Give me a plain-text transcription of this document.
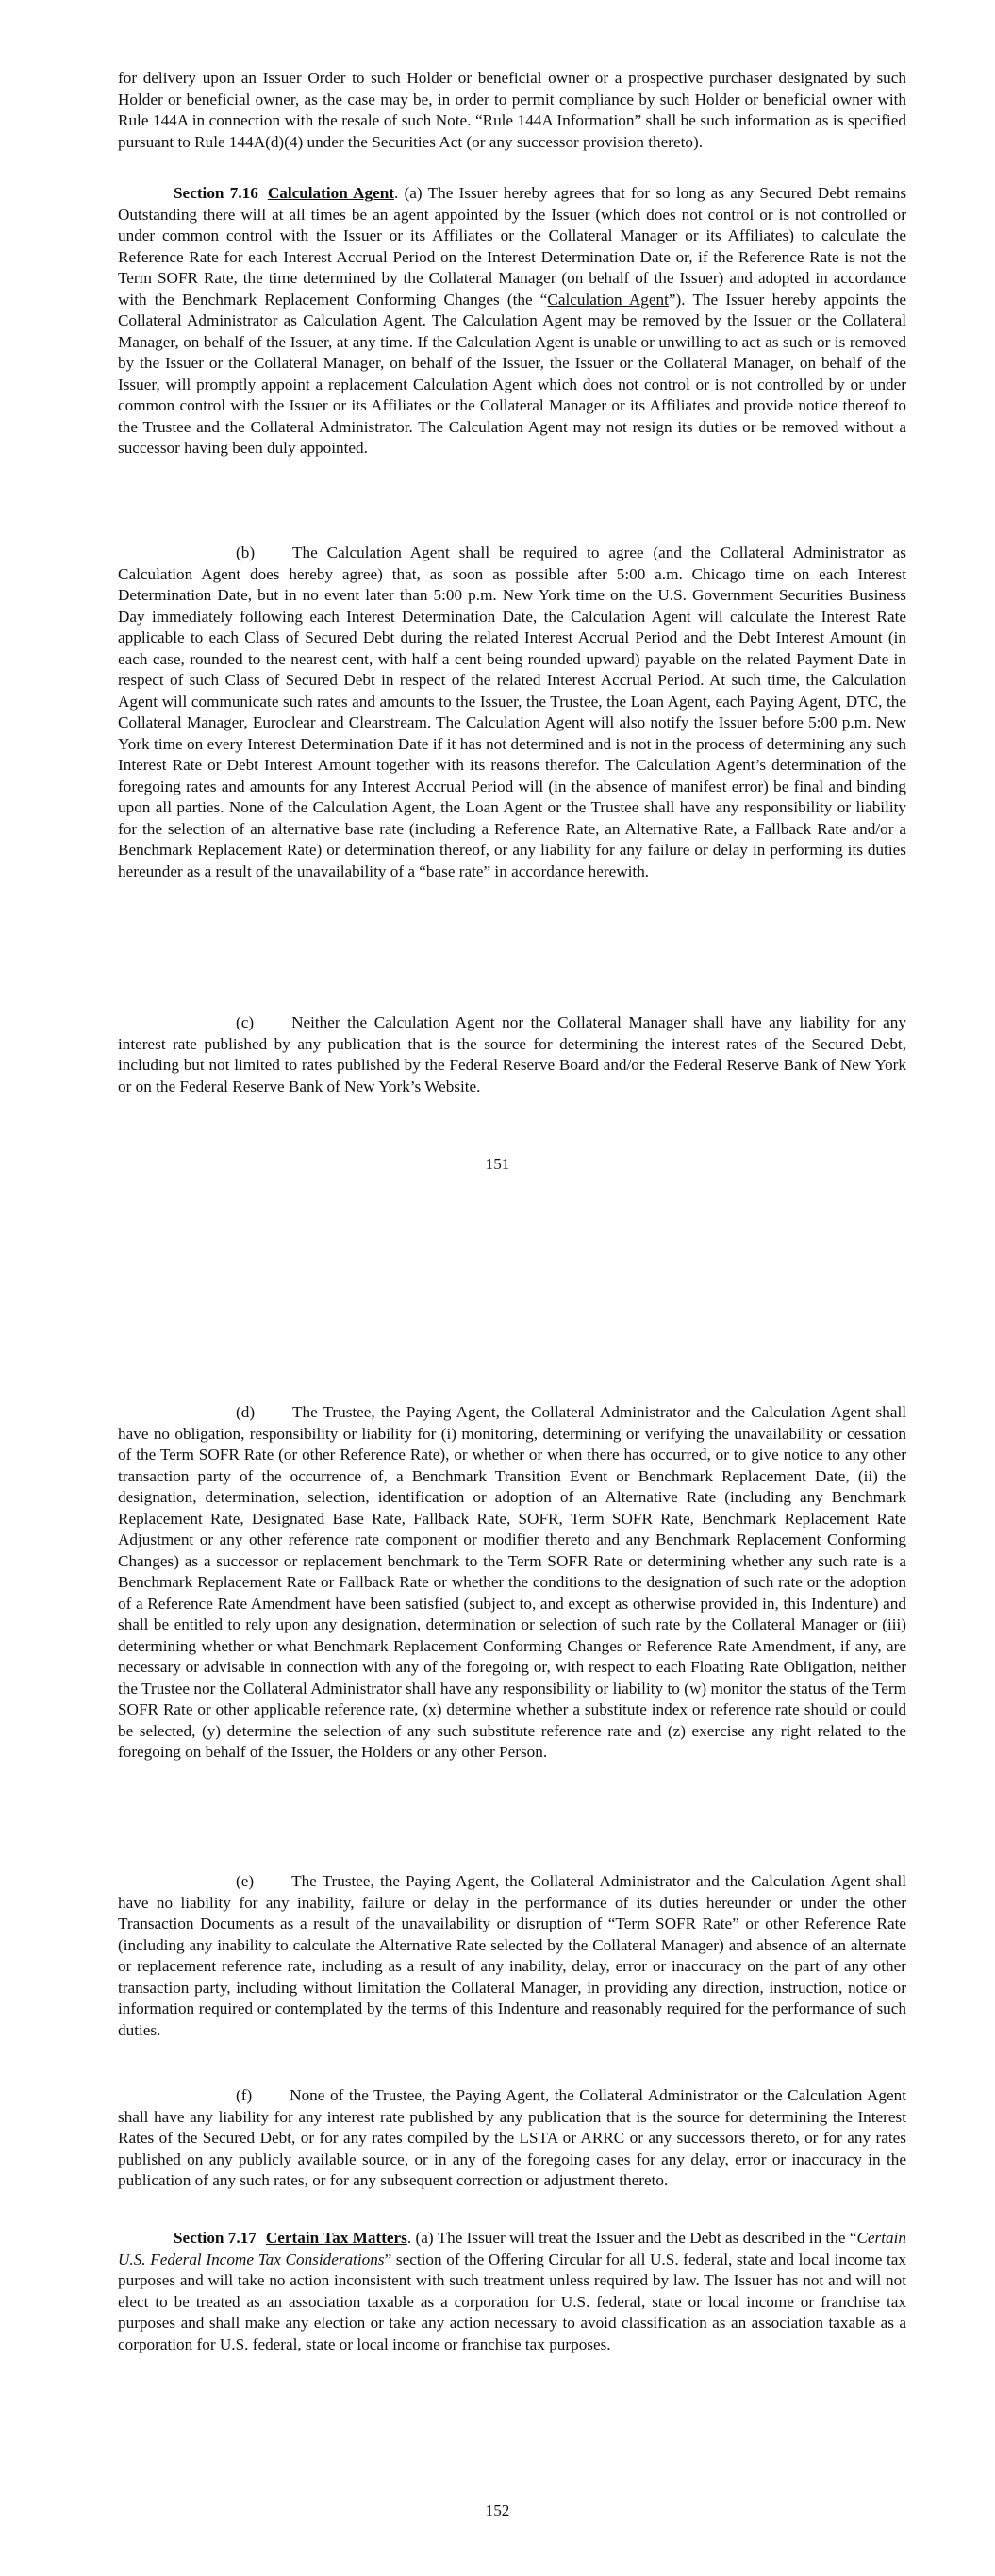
for delivery upon an Issuer Order to such Holder or beneficial owner or a prospective purchaser designated by such Holder or beneficial owner, as the case may be, in order to permit compliance by such Holder or beneficial owner with Rule 144A in connection with the resale of such Note. “Rule 144A Information” shall be such information as is specified pursuant to Rule 144A(d)(4) under the Securities Act (or any successor provision thereto).

Section 7.16 Calculation Agent. (a) The Issuer hereby agrees that for so long as any Secured Debt remains Outstanding there will at all times be an agent appointed by the Issuer (which does not control or is not controlled or under common control with the Issuer or its Affiliates or the Collateral Manager or its Affiliates) to calculate the Reference Rate for each Interest Accrual Period on the Interest Determination Date or, if the Reference Rate is not the Term SOFR Rate, the time determined by the Collateral Manager (on behalf of the Issuer) and adopted in accordance with the Benchmark Replacement Conforming Changes (the “Calculation Agent”). The Issuer hereby appoints the Collateral Administrator as Calculation Agent. The Calculation Agent may be removed by the Issuer or the Collateral Manager, on behalf of the Issuer, at any time. If the Calculation Agent is unable or unwilling to act as such or is removed by the Issuer or the Collateral Manager, on behalf of the Issuer, the Issuer or the Collateral Manager, on behalf of the Issuer, will promptly appoint a replacement Calculation Agent which does not control or is not controlled by or under common control with the Issuer or its Affiliates or the Collateral Manager or its Affiliates and provide notice thereof to the Trustee and the Collateral Administrator. The Calculation Agent may not resign its duties or be removed without a successor having been duly appointed.

(b) The Calculation Agent shall be required to agree (and the Collateral Administrator as Calculation Agent does hereby agree) that, as soon as possible after 5:00 a.m. Chicago time on each Interest Determination Date, but in no event later than 5:00 p.m. New York time on the U.S. Government Securities Business Day immediately following each Interest Determination Date, the Calculation Agent will calculate the Interest Rate applicable to each Class of Secured Debt during the related Interest Accrual Period and the Debt Interest Amount (in each case, rounded to the nearest cent, with half a cent being rounded upward) payable on the related Payment Date in respect of such Class of Secured Debt in respect of the related Interest Accrual Period. At such time, the Calculation Agent will communicate such rates and amounts to the Issuer, the Trustee, the Loan Agent, each Paying Agent, DTC, the Collateral Manager, Euroclear and Clearstream. The Calculation Agent will also notify the Issuer before 5:00 p.m. New York time on every Interest Determination Date if it has not determined and is not in the process of determining any such Interest Rate or Debt Interest Amount together with its reasons therefor. The Calculation Agent’s determination of the foregoing rates and amounts for any Interest Accrual Period will (in the absence of manifest error) be final and binding upon all parties. None of the Calculation Agent, the Loan Agent or the Trustee shall have any responsibility or liability for the selection of an alternative base rate (including a Reference Rate, an Alternative Rate, a Fallback Rate and/or a Benchmark Replacement Rate) or determination thereof, or any liability for any failure or delay in performing its duties hereunder as a result of the unavailability of a “base rate” in accordance herewith.

(c) Neither the Calculation Agent nor the Collateral Manager shall have any liability for any interest rate published by any publication that is the source for determining the interest rates of the Secured Debt, including but not limited to rates published by the Federal Reserve Board and/or the Federal Reserve Bank of New York or on the Federal Reserve Bank of New York’s Website.

151

(d) The Trustee, the Paying Agent, the Collateral Administrator and the Calculation Agent shall have no obligation, responsibility or liability for (i) monitoring, determining or verifying the unavailability or cessation of the Term SOFR Rate (or other Reference Rate), or whether or when there has occurred, or to give notice to any other transaction party of the occurrence of, a Benchmark Transition Event or Benchmark Replacement Date, (ii) the designation, determination, selection, identification or adoption of an Alternative Rate (including any Benchmark Replacement Rate, Designated Base Rate, Fallback Rate, SOFR, Term SOFR Rate, Benchmark Replacement Rate Adjustment or any other reference rate component or modifier thereto and any Benchmark Replacement Conforming Changes) as a successor or replacement benchmark to the Term SOFR Rate or determining whether any such rate is a Benchmark Replacement Rate or Fallback Rate or whether the conditions to the designation of such rate or the adoption of a Reference Rate Amendment have been satisfied (subject to, and except as otherwise provided in, this Indenture) and shall be entitled to rely upon any designation, determination or selection of such rate by the Collateral Manager or (iii) determining whether or what Benchmark Replacement Conforming Changes or Reference Rate Amendment, if any, are necessary or advisable in connection with any of the foregoing or, with respect to each Floating Rate Obligation, neither the Trustee nor the Collateral Administrator shall have any responsibility or liability to (w) monitor the status of the Term SOFR Rate or other applicable reference rate, (x) determine whether a substitute index or reference rate should or could be selected, (y) determine the selection of any such substitute reference rate and (z) exercise any right related to the foregoing on behalf of the Issuer, the Holders or any other Person.

(e) The Trustee, the Paying Agent, the Collateral Administrator and the Calculation Agent shall have no liability for any inability, failure or delay in the performance of its duties hereunder or under the other Transaction Documents as a result of the unavailability or disruption of “Term SOFR Rate” or other Reference Rate (including any inability to calculate the Alternative Rate selected by the Collateral Manager) and absence of an alternate or replacement reference rate, including as a result of any inability, delay, error or inaccuracy on the part of any other transaction party, including without limitation the Collateral Manager, in providing any direction, instruction, notice or information required or contemplated by the terms of this Indenture and reasonably required for the performance of such duties.

(f) None of the Trustee, the Paying Agent, the Collateral Administrator or the Calculation Agent shall have any liability for any interest rate published by any publication that is the source for determining the Interest Rates of the Secured Debt, or for any rates compiled by the LSTA or ARRC or any successors thereto, or for any rates published on any publicly available source, or in any of the foregoing cases for any delay, error or inaccuracy in the publication of any such rates, or for any subsequent correction or adjustment thereto.

Section 7.17 Certain Tax Matters. (a) The Issuer will treat the Issuer and the Debt as described in the “Certain U.S. Federal Income Tax Considerations” section of the Offering Circular for all U.S. federal, state and local income tax purposes and will take no action inconsistent with such treatment unless required by law. The Issuer has not and will not elect to be treated as an association taxable as a corporation for U.S. federal, state or local income or franchise tax purposes and shall make any election or take any action necessary to avoid classification as an association taxable as a corporation for U.S. federal, state or local income or franchise tax purposes.

152
